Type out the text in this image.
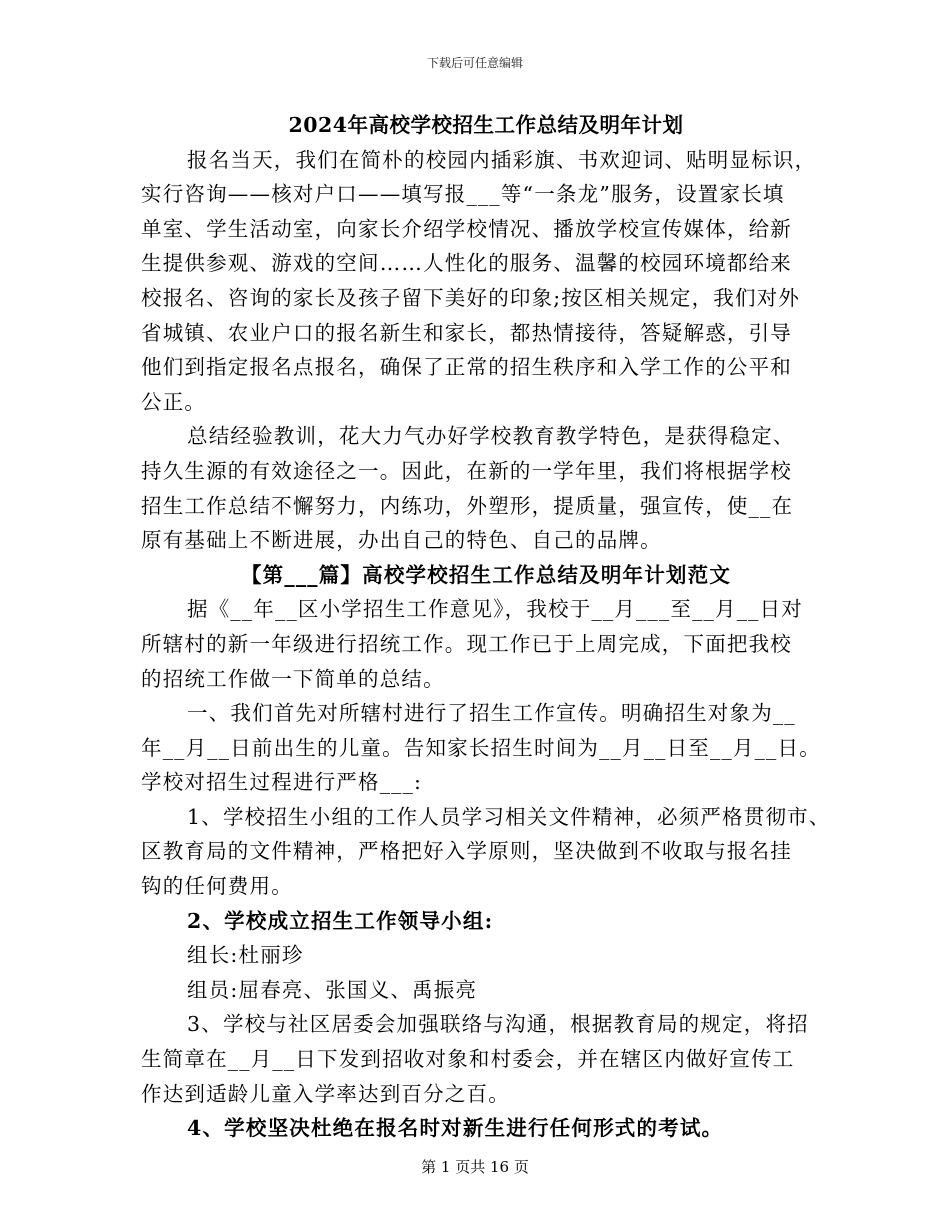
下载后可任意编辑
2024年高校学校招生工作总结及明年计划
报名当天，我们在简朴的校园内插彩旗、书欢迎词、贴明显标识，
实行咨询——核对户口——填写报___等“一条龙”服务，设置家长填
单室、学生活动室，向家长介绍学校情况、播放学校宣传媒体，给新
生提供参观、游戏的空间……人性化的服务、温馨的校园环境都给来
校报名、咨询的家长及孩子留下美好的印象;按区相关规定，我们对外
省城镇、农业户口的报名新生和家长，都热情接待，答疑解惑，引导
他们到指定报名点报名，确保了正常的招生秩序和入学工作的公平和
公正。
总结经验教训，花大力气办好学校教育教学特色，是获得稳定、
持久生源的有效途径之一。因此，在新的一学年里，我们将根据学校
招生工作总结不懈努力，内练功，外塑形，提质量，强宣传，使__在
原有基础上不断进展，办出自己的特色、自己的品牌。
【第___篇】高校学校招生工作总结及明年计划范文
据《__年__区小学招生工作意见》，我校于__月___至__月__日对
所辖村的新一年级进行招统工作。现工作已于上周完成，下面把我校
的招统工作做一下简单的总结。
一、我们首先对所辖村进行了招生工作宣传。明确招生对象为__
年__月__日前出生的儿童。告知家长招生时间为__月__日至__月__日。
学校对招生过程进行严格___:
1、学校招生小组的工作人员学习相关文件精神，必须严格贯彻市、
区教育局的文件精神，严格把好入学原则，坚决做到不收取与报名挂
钩的任何费用。
2、学校成立招生工作领导小组:
组长:杜丽珍
组员:屈春亮、张国义、禹振亮
3、学校与社区居委会加强联络与沟通，根据教育局的规定，将招
生简章在__月__日下发到招收对象和村委会，并在辖区内做好宣传工
作达到适龄儿童入学率达到百分之百。
4、学校坚决杜绝在报名时对新生进行任何形式的考试。
第 1 页共 16 页
